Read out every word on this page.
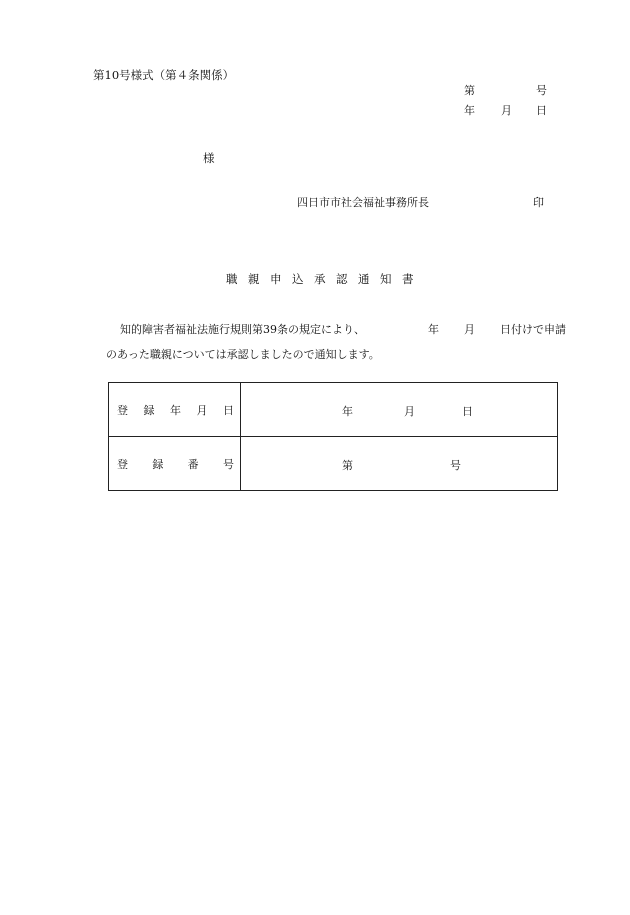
第10号様式（第４条関係）
第	号
年 月 日
様
四日市市社会福祉事務所長	印
職親申込承認通知書
知的障害者福祉法施行規則第39条の規定により、	年 月 日付けで申請
のあった職親については承認しましたので通知します。
登 録 年 月 日	年 月 日

登 録 番 号	第 号
